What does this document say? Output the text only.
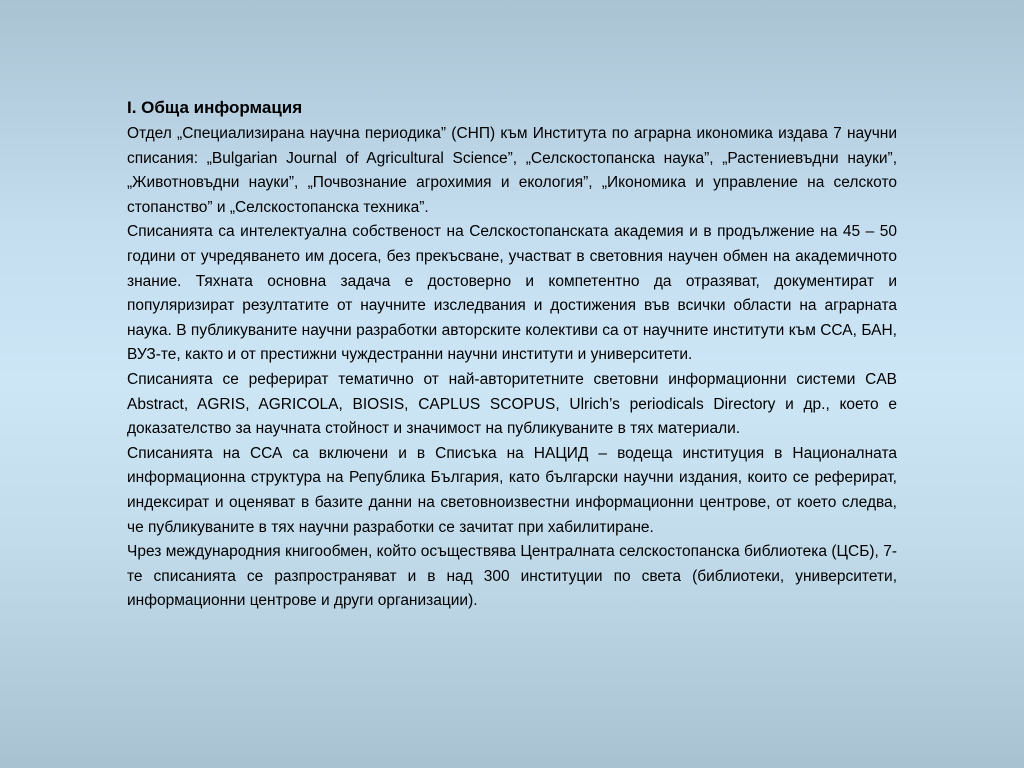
I. Обща информация

Отдел „Специализирана научна периодика” (СНП) към Института по аграрна икономика издава 7 научни списания: „Bulgarian Journal of Agricultural Science”, „Селскостопанска наука”, „Растениевъдни науки”, „Животновъдни науки”, „Почвознание агрохимия и екология”, „Икономика и управление на селското стопанство” и „Селскостопанска техника”.

Списанията са интелектуална собственост на Селскостопанската академия и в продължение на 45 – 50 години от учредяването им досега, без прекъсване, участват в световния научен обмен на академичното знание. Тяхната основна задача е достоверно и компетентно да отразяват, документират и популяризират резултатите от научните изследвания и достижения във всички области на аграрната наука. В публикуваните научни разработки авторските колективи са от научните институти към ССА, БАН, ВУЗ-те, както и от престижни чуждестранни научни институти и университети.

Списанията се реферират тематично от най-авторитетните световни информационни системи CAB Abstract, AGRIS, AGRICOLA, BIOSIS, CAPLUS SCOPUS, Ulrich’s periodicals Directory и др., което е доказателство за научната стойност и значимост на публикуваните в тях материали.

Списанията на ССА са включени и в Списъка на НАЦИД – водеща институция в Националната информационна структура на Република България, като български научни издания, които се реферират, индексират и оценяват в базите данни на световноизвестни информационни центрове, от което следва, че публикуваните в тях научни разработки се зачитат при хабилитиране.

Чрез международния книгообмен, който осъществява Централната селскостопанска библиотека (ЦСБ), 7-те списанията се разпространяват и в над 300 институции по света (библиотеки, университети, информационни центрове и други организации).
